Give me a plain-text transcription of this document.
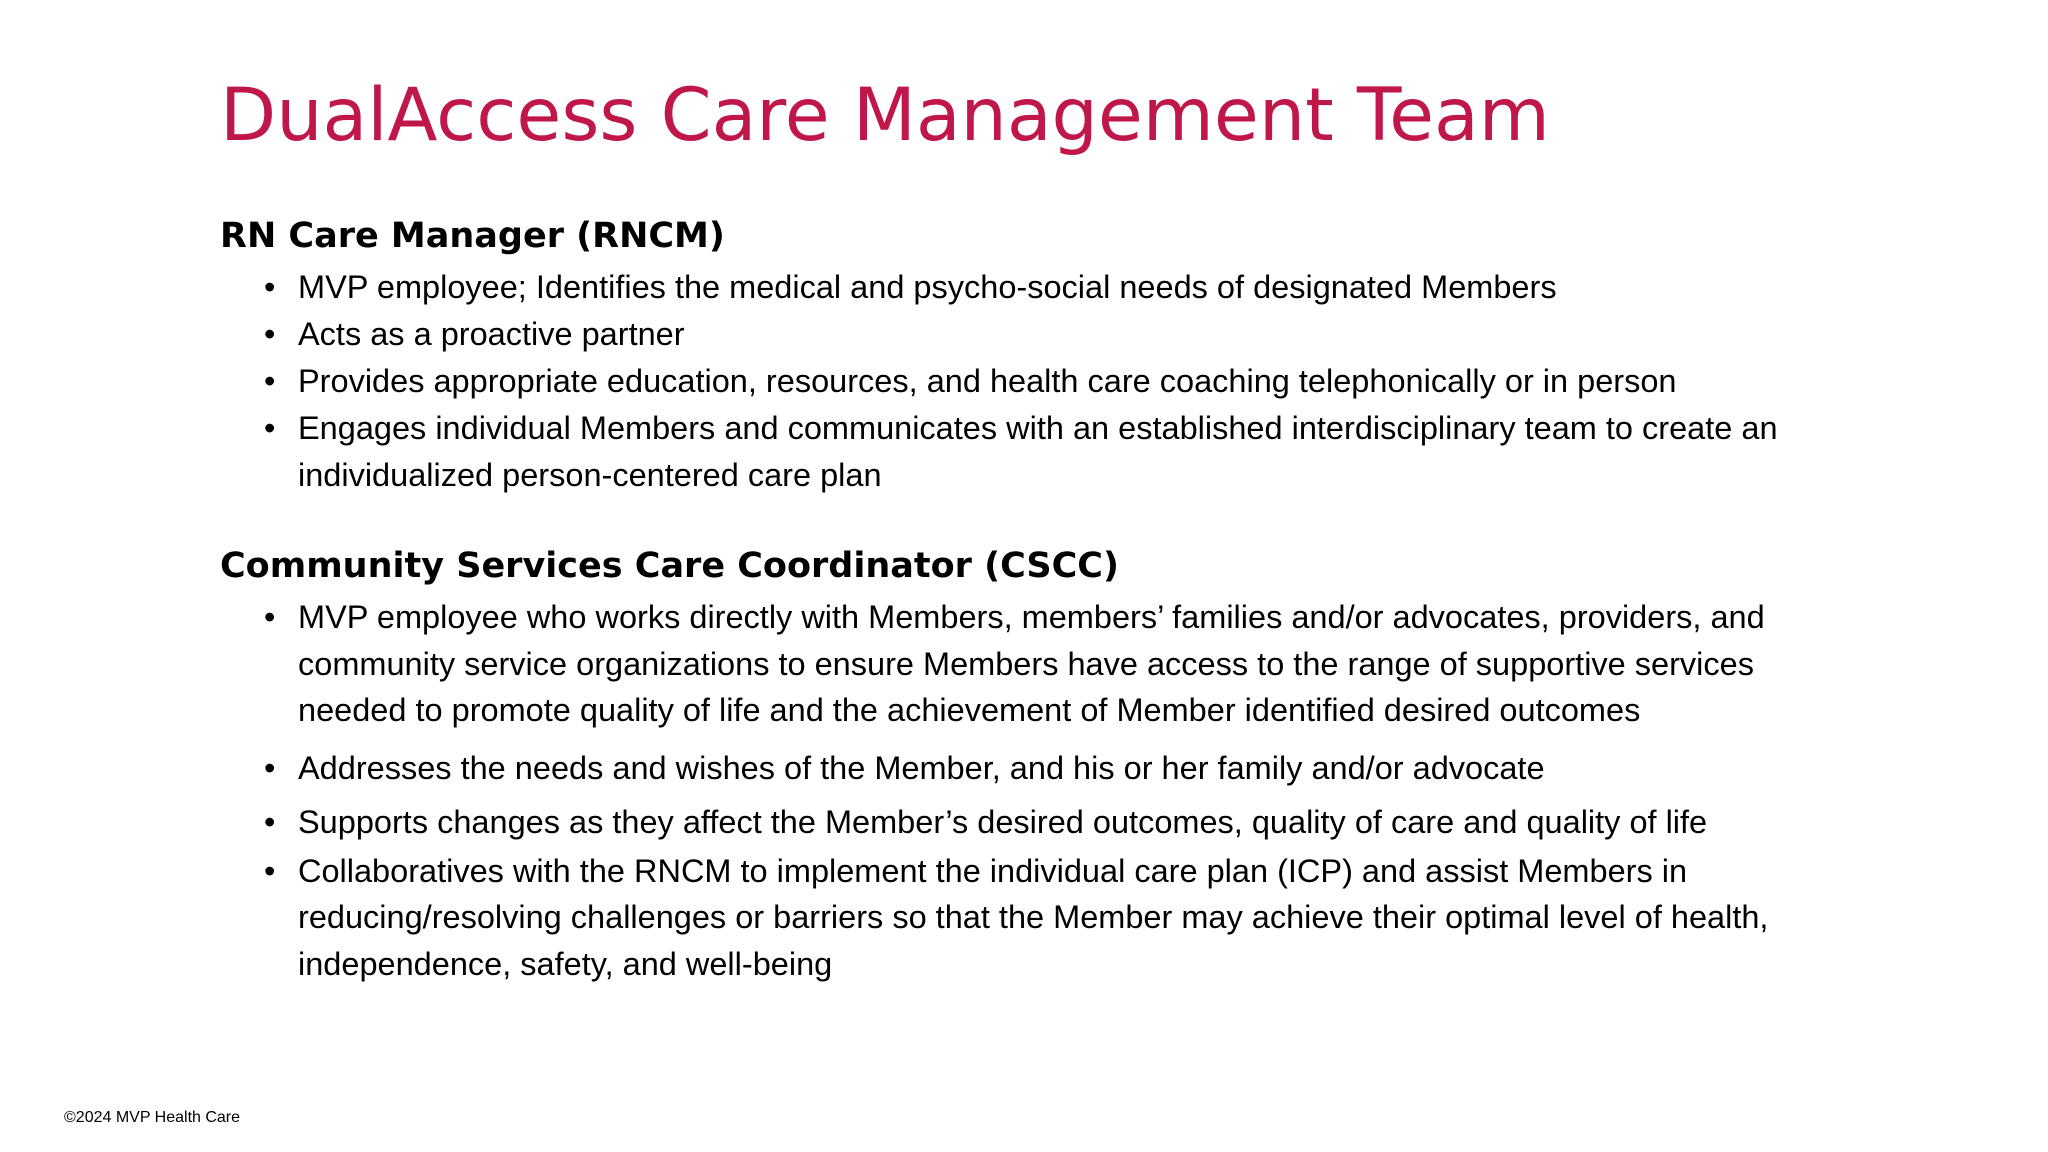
DualAccess Care Management Team
RN Care Manager (RNCM)
• MVP employee; Identifies the medical and psycho-social needs of designated Members
• Acts as a proactive partner
• Provides appropriate education, resources, and health care coaching telephonically or in person
• Engages individual Members and communicates with an established interdisciplinary team to create an individualized person-centered care plan
Community Services Care Coordinator (CSCC)
• MVP employee who works directly with Members, members’ families and/or advocates, providers, and community service organizations to ensure Members have access to the range of supportive services needed to promote quality of life and the achievement of Member identified desired outcomes
• Addresses the needs and wishes of the Member, and his or her family and/or advocate
• Supports changes as they affect the Member’s desired outcomes, quality of care and quality of life
• Collaboratives with the RNCM to implement the individual care plan (ICP) and assist Members in reducing/resolving challenges or barriers so that the Member may achieve their optimal level of health, independence, safety, and well-being
©2024 MVP Health Care
